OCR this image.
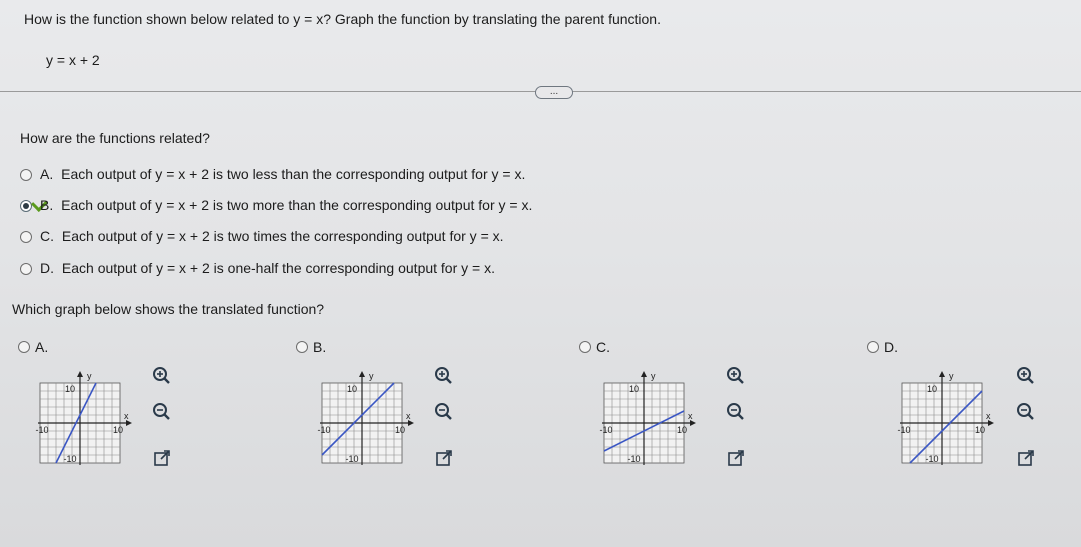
How is the function shown below related to y = x? Graph the function by translating the parent function.
y = x + 2
...
How are the functions related?
A. Each output of y = x + 2 is two less than the corresponding output for y = x.
B. Each output of y = x + 2 is two more than the corresponding output for y = x.
C. Each output of y = x + 2 is two times the corresponding output for y = x.
D. Each output of y = x + 2 is one-half the corresponding output for y = x.
Which graph below shows the translated function?
A.
y
x
-10	10
10
-10
B.
y
x
-10	10
10
-10
C.
y
x
-10	10
10
-10
D.
y
x
-10	10
10
-10
